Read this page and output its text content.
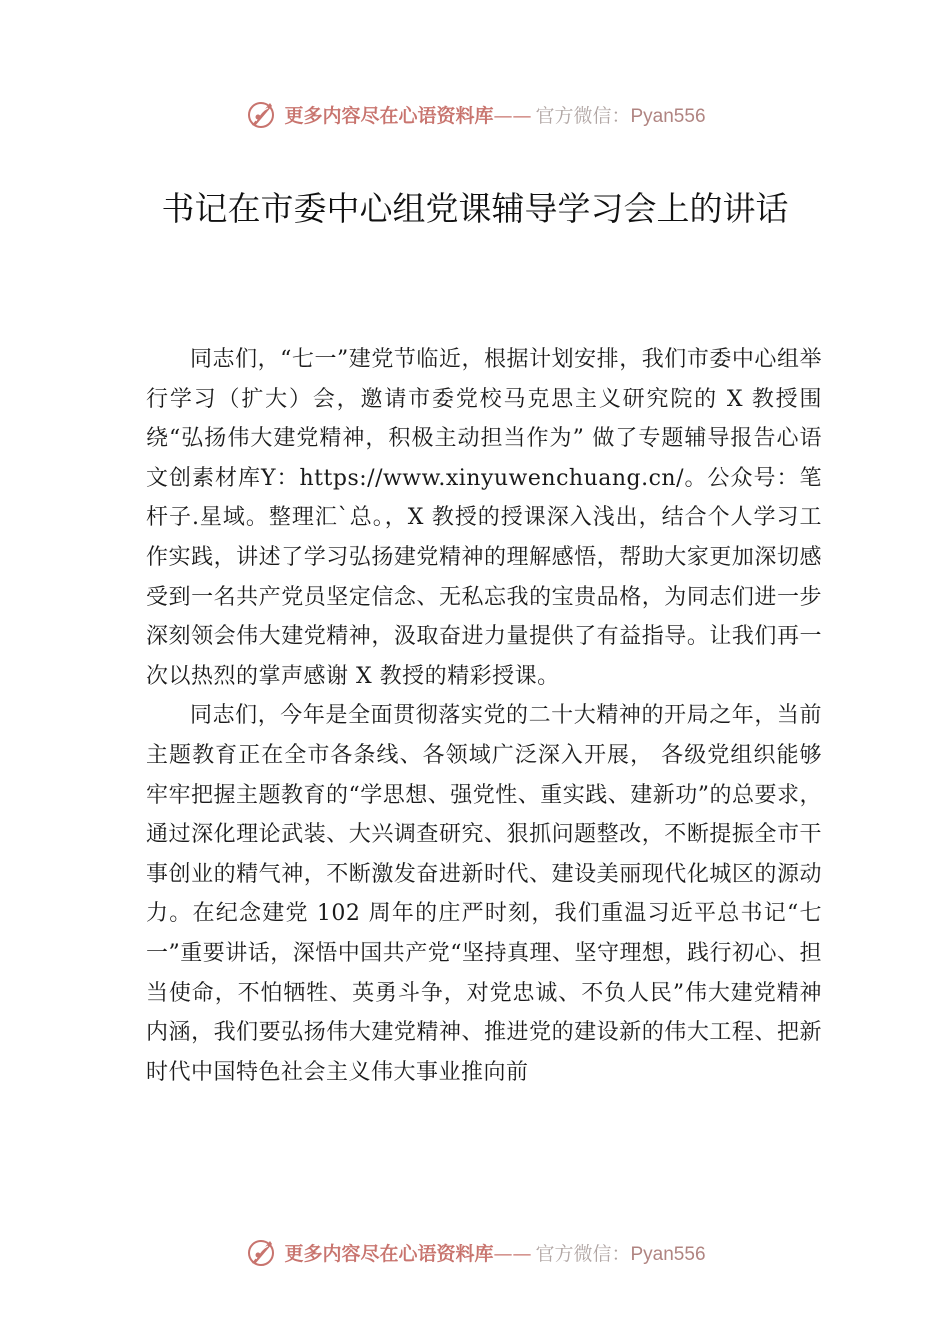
更多内容尽在心语资料库—— 官方微信：Pyan556
书记在市委中心组党课辅导学习会上的讲话

同志们，“七一”建党节临近，根据计划安排，我们市委中心组举行学习（扩大）会，邀请市委党校马克思主义研究院的 X 教授围绕“弘扬伟大建党精神，积极主动担当作为” 做了专题辅导报告心语文创素材库Y：https://www.xinyuwenchuang.cn/。公众号：笔杆子.星域。整理汇`总。，X 教授的授课深入浅出，结合个人学习工作实践，讲述了学习弘扬建党精神的理解感悟，帮助大家更加深切感受到一名共产党员坚定信念、无私忘我的宝贵品格，为同志们进一步深刻领会伟大建党精神，汲取奋进力量提供了有益指导。让我们再一次以热烈的掌声感谢 X 教授的精彩授课。

同志们，今年是全面贯彻落实党的二十大精神的开局之年，当前主题教育正在全市各条线、各领域广泛深入开展， 各级党组织能够牢牢把握主题教育的“学思想、强党性、重实践、建新功”的总要求，通过深化理论武装、大兴调查研究、狠抓问题整改，不断提振全市干事创业的精气神，不断激发奋进新时代、建设美丽现代化城区的源动力。在纪念建党 102 周年的庄严时刻，我们重温习近平总书记“七一”重要讲话，深悟中国共产党“坚持真理、坚守理想，践行初心、担当使命，不怕牺牲、英勇斗争，对党忠诚、不负人民”伟大建党精神内涵，我们要弘扬伟大建党精神、推进党的建设新的伟大工程、把新时代中国特色社会主义伟大事业推向前

更多内容尽在心语资料库—— 官方微信：Pyan556
